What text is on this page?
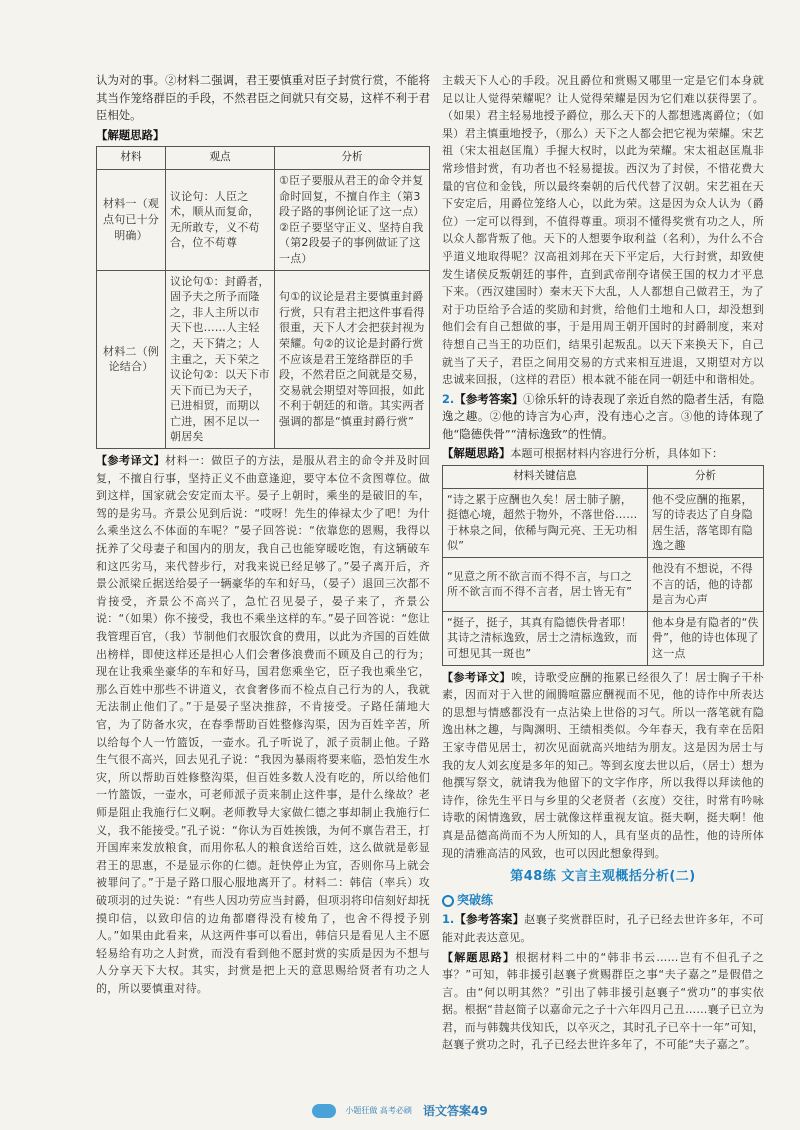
认为对的事。②材料二强调，君王要慎重对臣子封赏行赏，不能将其当作笼络群臣的手段，不然君臣之间就只有交易，这样不利于君臣相处。

【解题思路】
材料	观点	分析
材料一（观点句已十分明确）	议论句：人臣之术，顺从而复命，无所敢专，义不苟合，位不苟尊	①臣子要服从君王的命令并复命时回复，不擅自作主（第3段子路的事例论证了这一点）②臣子要坚守正义、坚持自我（第2段晏子的事例做证了这一点）
材料二（例论结合）	议论句①：封爵者，固予夫之所予而隆之，非人主所以市天下也……人主轻之，天下猜之；人主重之，天下荣之 议论句②：以天下市天下而已为天子，已进相贸，而期以亡进，困不足以一朝居矣	句①的议论是君主要慎重封爵行赏，只有君主把这件事看得很重，天下人才会把获封视为荣耀。句②的议论是封爵行赏不应该是君王笼络群臣的手段，不然君臣之间就是交易，交易就会期望对等回报，如此不利于朝廷的和谐。其实两者强调的都是“慎重封爵行赏”

【参考译文】材料一：做臣子的方法，是服从君主的命令并及时回复，不擅自行事，坚持正义不曲意逢迎，要守本位不贪图尊位。做到这样，国家就会安定而太平。晏子上朝时，乘坐的是破旧的车，驾的是劣马。齐景公见到后说：“哎呀！先生的俸禄太少了吧！为什么乘坐这么不体面的车呢？”晏子回答说：“依靠您的恩赐，我得以抚养了父母妻子和国内的朋友，我自己也能穿暖吃饱，有这辆破车和这匹劣马，来代替步行，对我来说已经足够了。”晏子离开后，齐景公派梁丘据送给晏子一辆豪华的车和好马，（晏子）退回三次都不肯接受，齐景公不高兴了，急忙召见晏子，晏子来了，齐景公说：“（如果）你不接受，我也不乘坐这样的车。”晏子回答说：“您让我管理百官，（我）节制他们衣服饮食的费用，以此为齐国的百姓做出榜样，即使这样还是担心人们会奢侈浪费而不顾及自己的行为；现在让我乘坐豪华的车和好马，国君您乘坐它，臣子我也乘坐它，那么百姓中那些不讲道义，衣食奢侈而不检点自己行为的人，我就无法制止他们了。”于是晏子坚决推辞，不肯接受。子路任蒲地大官，为了防备水灾，在春季帮助百姓整修沟渠，因为百姓辛苦，所以给每个人一竹篮饭，一壶水。孔子听说了，派子贡制止他。子路生气很不高兴，回去见孔子说：“我因为暴雨将要来临，恐怕发生水灾，所以帮助百姓修整沟渠，但百姓多数人没有吃的，所以给他们一竹篮饭，一壶水，可老师派子贡来制止这件事，是什么缘故？老师是阻止我施行仁义啊。老师教导大家做仁德之事却制止我施行仁义，我不能接受。”孔子说：“你认为百姓挨饿，为何不禀告君王，打开国库来发放粮食，而用你私人的粮食送给百姓，这么做就是彰显君王的思惠，不是显示你的仁德。赶快停止为宜，否则你马上就会被罪问了。”于是子路口服心服地离开了。材料二：韩信（率兵）攻破项羽的过失说：“有些人因功劳应当封爵，但项羽将印信刻好却抚摸印信，以致印信的边角都磨得没有棱角了，也舍不得授予别人。”如果由此看来，从这两件事可以看出，韩信只是看见人主不愿轻易给有功之人封赏，而没有看到他不愿封赏的实质是因为不想与人分享天下大权。其实，封赏是把上天的意思赐给贤者有功之人的，所以要慎重对待。

主载天下人心的手段。况且爵位和赏赐又哪里一定是它们本身就足以让人觉得荣耀呢？让人觉得荣耀是因为它们难以获得罢了。（如果）君主轻易地授予爵位，那么天下的人都想逃离爵位；（如果）君主慎重地授予，（那么）天下之人都会把它视为荣耀。宋艺祖（宋太祖赵匡胤）手握大权时，以此为荣耀。宋太祖赵匡胤非常珍惜封赏，有功者也不轻易提拔。西汉为了封侯，不惜花费大量的官位和金钱，所以最终秦朝的后代代替了汉朝。宋艺祖在天下安定后，用爵位笼络人心，以此为荣。这是因为众人认为（爵位）一定可以得到，不值得尊重。项羽不懂得奖赏有功之人，所以众人都背叛了他。天下的人想要争取利益（名利），为什么不合乎道义地取得呢？汉高祖刘邦在天下平定后，大行封赏，却致使发生诸侯反叛朝廷的事件，直到武帝削夺诸侯王国的权力才平息下来。（西汉建国时）秦末天下大乱，人人都想自己做君王，为了对于功臣给予合适的奖励和封赏，给他们土地和人口，却没想到他们会有自己想做的事，于是用周王朝开国时的封爵制度，来对待想自己当王的功臣们，结果引起叛乱。以天下来换天下，自己就当了天子，君臣之间用交易的方式来相互进退，又期望对方以忠诚来回报，（这样的君臣）根本就不能在同一朝廷中和谐相处。

2.【参考答案】①徐乐轩的诗表现了亲近自然的隐者生活，有隐逸之趣。②他的诗言为心声，没有违心之言。③他的诗体现了他“隐德佚骨”“清标逸致”的性情。

【解题思路】本题可根据材料内容进行分析，具体如下：

材料关键信息	分析
“诗之累于应酬也久矣！居士肺子腑，挺德心境，超然于物外，不落世俗……于林泉之间，依稀与陶元亮、王无功相似”	他不受应酬的拖累，写的诗表达了自身隐居生活，落笔即有隐逸之趣
“见意之所不欲言而不得不言，与口之所不欲言而不得不言者，居士皆无有”	他没有不想说，不得不言的话，他的诗都是言为心声
“挺子，挺子，其真有隐德佚骨者耶！其诗之清标逸致，居士之清标逸致，而可想见其一斑也”	他本身是有隐者的“佚骨”，他的诗也体现了这一点

【参考译文】唉，诗歌受应酬的拖累已经很久了！居士胸子干朴素，因而对于入世的闹腾喧嚣应酬视而不见，他的诗作中所表达的思想与情感都没有一点沾染上世俗的习气。所以一落笔就有隐逸出林之趣，与陶渊明、王绩相类似。今年春天，我有幸在岳阳王家寺借见居士，初次见面就高兴地结为朋友。这是因为居士与我的友人刘玄度是多年的知己。等到玄度去世以后，（居士）想为他撰写祭文，就请我为他留下的文字作序，所以我得以拜读他的诗作，徐先生平日与乡里的父老贤者（玄度）交往，时常有吟咏诗歌的闲情逸致，居士就像这样重视友谊。挺夫啊，挺夫啊！他真是品德高尚而不为人所知的人，具有坚贞的品性，他的诗所体现的清雅高洁的风致，也可以因此想象得到。

第48练 文言主观概括分析(二)
突破练

1.【参考答案】赵襄子奖赏群臣时，孔子已经去世许多年，不可能对此表达意见。

【解题思路】根据材料二中的“韩非书云……岂有不但孔子之事？”可知，韩非援引赵襄子赏赐群臣之事“夫子嘉之”是假借之言。由“何以明其然？”引出了韩非援引赵襄子“赏功”的事实依据。根据“昔赵简子以嘉命元之子十六年四月己丑……襄子已立为君，而与韩魏共伐知氏，以卒灭之，其时孔子已卒十一年”可知，赵襄子赏功之时，孔子已经去世许多年了，不可能“夫子嘉之”。

小题狂做 高考必刷 语文答案49
